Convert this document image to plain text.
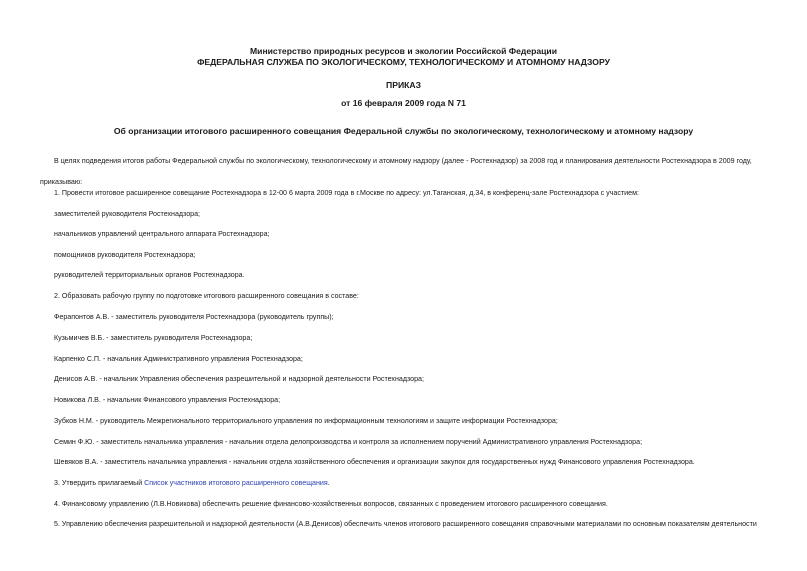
Министерство природных ресурсов и экологии Российской Федерации
ФЕДЕРАЛЬНАЯ СЛУЖБА ПО ЭКОЛОГИЧЕСКОМУ, ТЕХНОЛОГИЧЕСКОМУ И АТОМНОМУ НАДЗОРУ
ПРИКАЗ
от 16 февраля 2009 года N 71
Об организации итогового расширенного совещания Федеральной службы по экологическому, технологическому и атомному надзору
В целях подведения итогов работы Федеральной службы по экологическому, технологическому и атомному надзору (далее - Ростехнадзор) за 2008 год и планирования деятельности Ростехнадзора в 2009 году,
приказываю:
1. Провести итоговое расширенное совещание Ростехнадзора в 12-00 6 марта 2009 года в г.Москве по адресу: ул.Таганская, д.34, в конференц-зале Ростехнадзора с участием:
заместителей руководителя Ростехнадзора;
начальников управлений центрального аппарата Ростехнадзора;
помощников руководителя Ростехнадзора;
руководителей территориальных органов Ростехнадзора.
2. Образовать рабочую группу по подготовке итогового расширенного совещания в составе:
Ферапонтов А.В. - заместитель руководителя Ростехнадзора (руководитель группы);
Кузьмичев В.Б. - заместитель руководителя Ростехнадзора;
Карпенко С.П. - начальник Административного управления Ростехнадзора;
Денисов А.В. - начальник Управления обеспечения разрешительной и надзорной деятельности Ростехнадзора;
Новикова Л.В. - начальник Финансового управления Ростехнадзора;
Зубков Н.М. - руководитель Межрегионального территориального управления по информационным технологиям и защите информации Ростехнадзора;
Семин Ф.Ю. - заместитель начальника управления - начальник отдела делопроизводства и контроля за исполнением поручений Административного управления Ростехнадзора;
Шевяков В.А. - заместитель начальника управления - начальник отдела хозяйственного обеспечения и организации закупок для государственных нужд Финансового управления Ростехнадзора.
3. Утвердить прилагаемый Список участников итогового расширенного совещания.
4. Финансовому управлению (Л.В.Новикова) обеспечить решение финансово-хозяйственных вопросов, связанных с проведением итогового расширенного совещания.
5. Управлению обеспечения разрешительной и надзорной деятельности (А.В.Денисов) обеспечить членов итогового расширенного совещания справочными материалами по основным показателям деятельности
